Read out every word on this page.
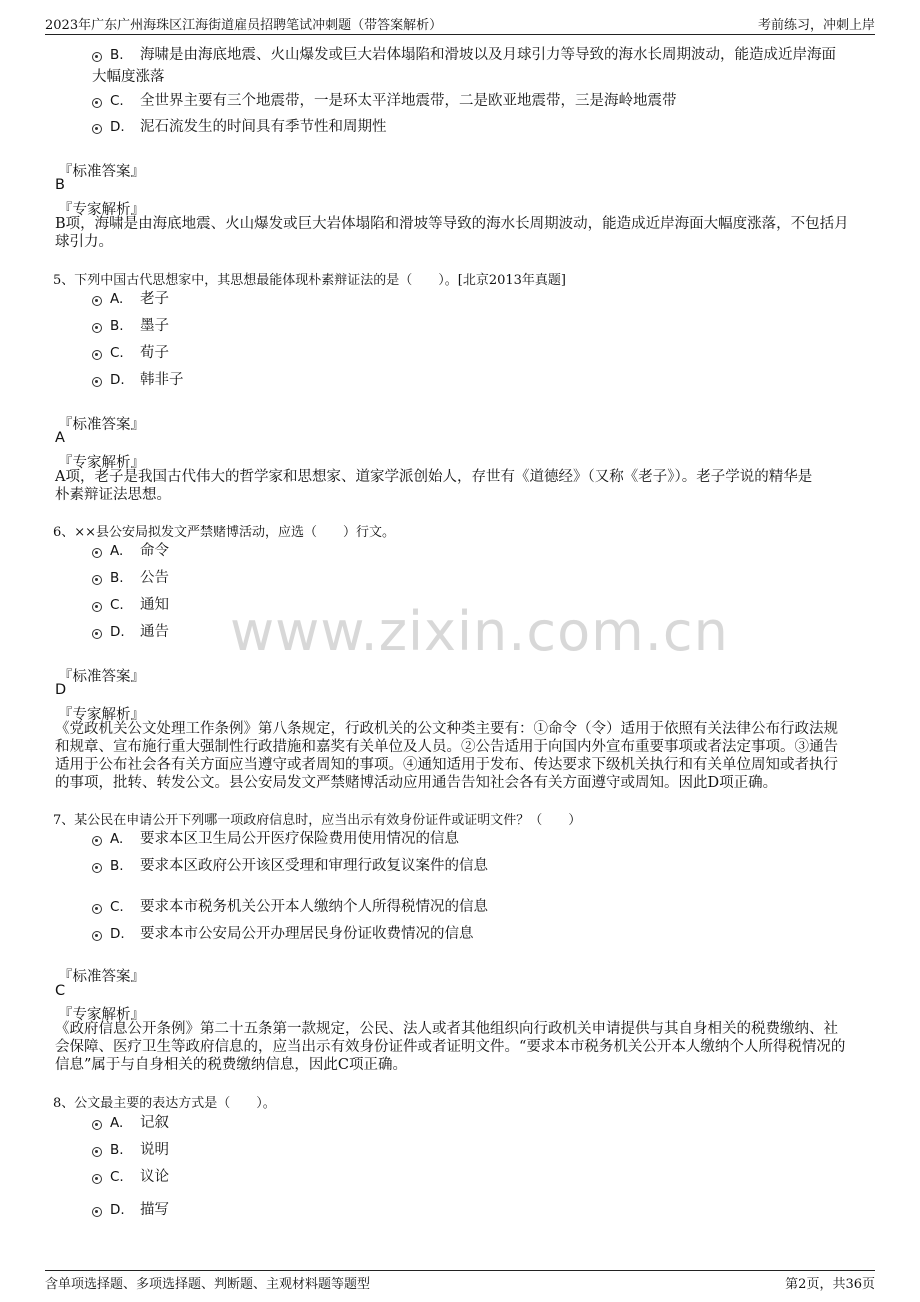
2023年广东广州海珠区江海街道雇员招聘笔试冲刺题（带答案解析）	考前练习，冲刺上岸
www.zixin.com.cn
B. 海啸是由海底地震、火山爆发或巨大岩体塌陷和滑坡以及月球引力等导致的海水长周期波动，能造成近岸海面
大幅度涨落
C. 全世界主要有三个地震带，一是环太平洋地震带，二是欧亚地震带，三是海岭地震带
D. 泥石流发生的时间具有季节性和周期性
『标准答案』
B
『专家解析』
B项，海啸是由海底地震、火山爆发或巨大岩体塌陷和滑坡等导致的海水长周期波动，能造成近岸海面大幅度涨落，不包括月
球引力。
5、下列中国古代思想家中，其思想最能体现朴素辩证法的是（　　）。[北京2013年真题]
A. 老子
B. 墨子
C. 荀子
D. 韩非子
『标准答案』
A
『专家解析』
A项，老子是我国古代伟大的哲学家和思想家、道家学派创始人，存世有《道德经》（又称《老子》）。老子学说的精华是
朴素辩证法思想。
6、××县公安局拟发文严禁赌博活动，应选（　　）行文。
A. 命令
B. 公告
C. 通知
D. 通告
『标准答案』
D
『专家解析』
《党政机关公文处理工作条例》第八条规定，行政机关的公文种类主要有：①命令（令）适用于依照有关法律公布行政法规
和规章、宣布施行重大强制性行政措施和嘉奖有关单位及人员。②公告适用于向国内外宣布重要事项或者法定事项。③通告
适用于公布社会各有关方面应当遵守或者周知的事项。④通知适用于发布、传达要求下级机关执行和有关单位周知或者执行
的事项，批转、转发公文。县公安局发文严禁赌博活动应用通告告知社会各有关方面遵守或周知。因此D项正确。
7、某公民在申请公开下列哪一项政府信息时，应当出示有效身份证件或证明文件？（　　）
A. 要求本区卫生局公开医疗保险费用使用情况的信息
B. 要求本区政府公开该区受理和审理行政复议案件的信息
C. 要求本市税务机关公开本人缴纳个人所得税情况的信息
D. 要求本市公安局公开办理居民身份证收费情况的信息
『标准答案』
C
『专家解析』
《政府信息公开条例》第二十五条第一款规定，公民、法人或者其他组织向行政机关申请提供与其自身相关的税费缴纳、社
会保障、医疗卫生等政府信息的，应当出示有效身份证件或者证明文件。“要求本市税务机关公开本人缴纳个人所得税情况的
信息”属于与自身相关的税费缴纳信息，因此C项正确。
8、公文最主要的表达方式是（　　）。
A. 记叙
B. 说明
C. 议论
D. 描写
含单项选择题、多项选择题、判断题、主观材料题等题型	第2页，共36页
